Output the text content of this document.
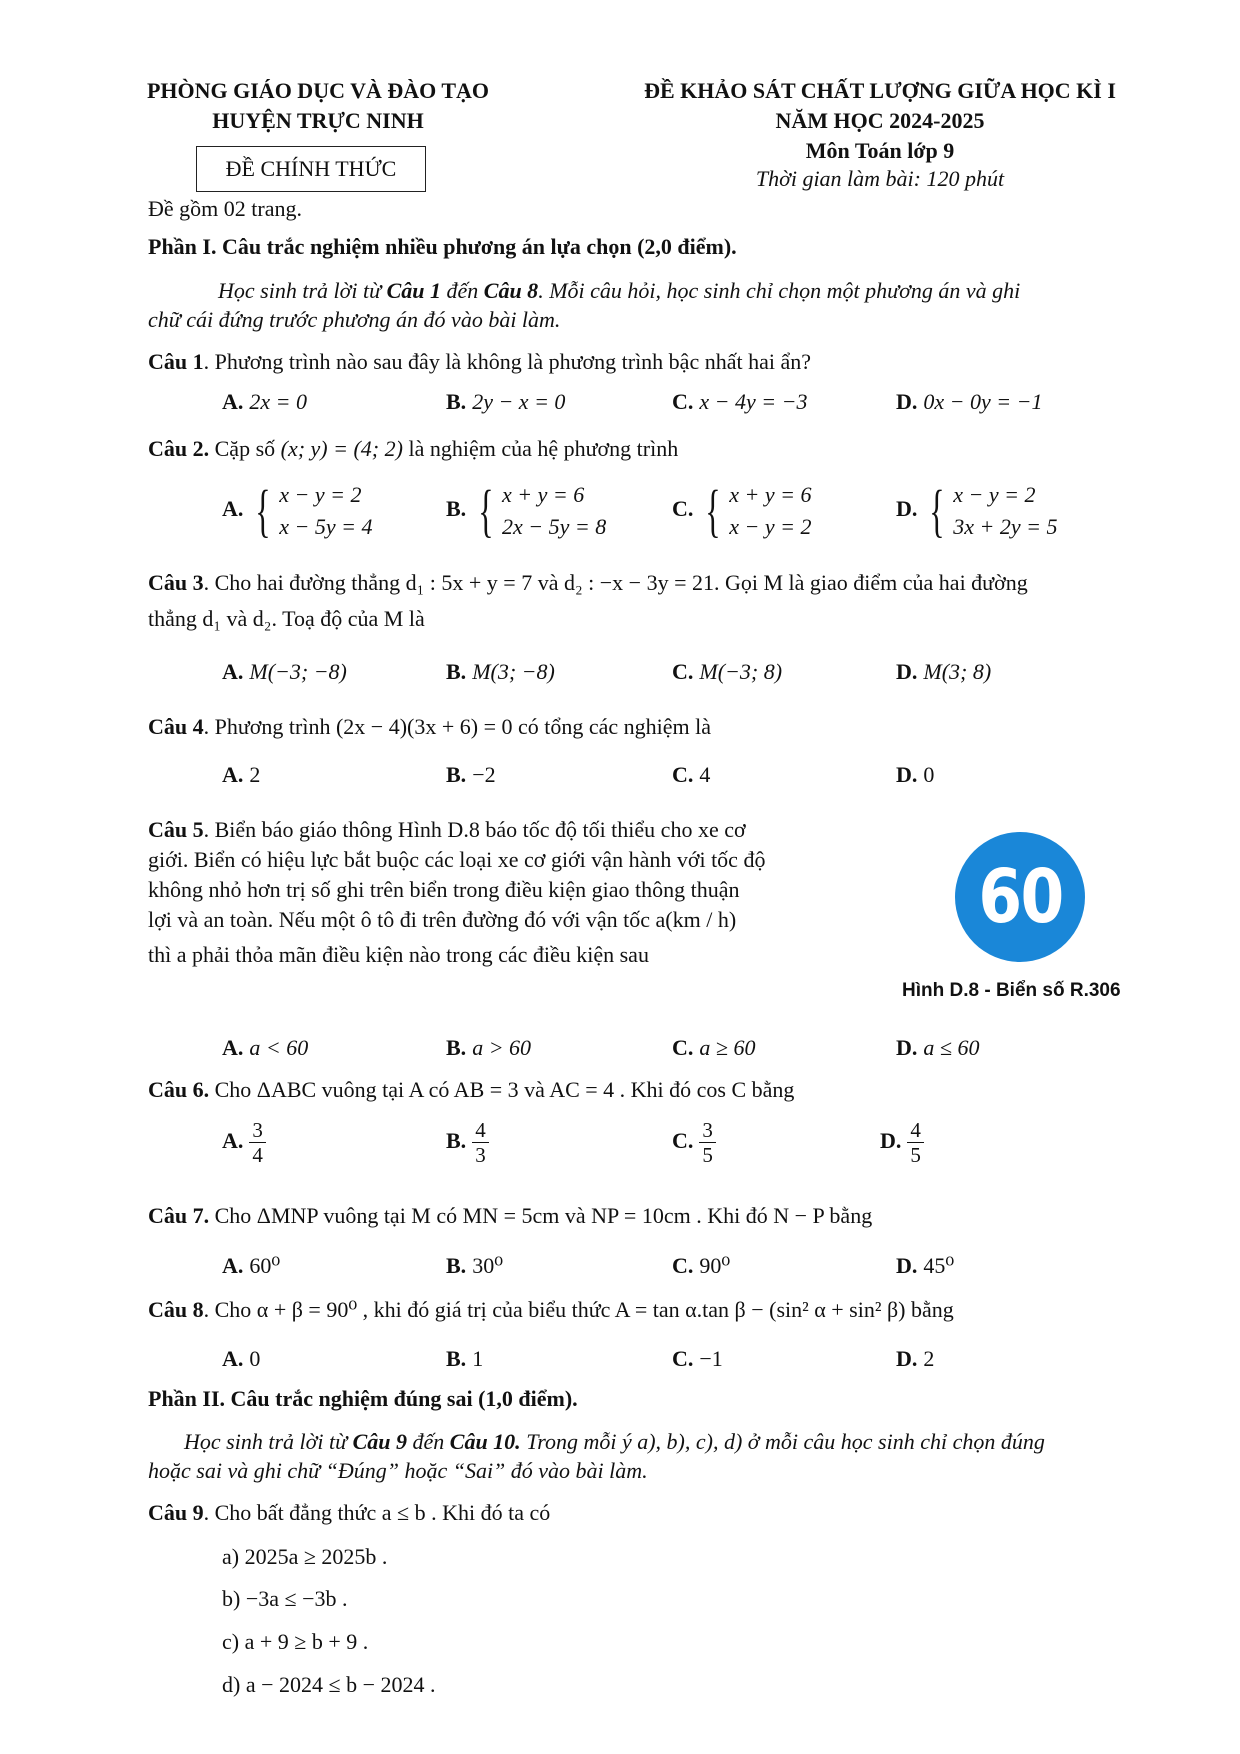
PHÒNG GIÁO DỤC VÀ ĐÀO TẠO
HUYỆN TRỰC NINH
ĐỀ CHÍNH THỨC
ĐỀ KHẢO SÁT CHẤT LƯỢNG GIỮA HỌC KÌ I
NĂM HỌC 2024-2025
Môn Toán lớp 9
Thời gian làm bài: 120 phút
Đề gồm 02 trang.
Phần I. Câu trắc nghiệm nhiều phương án lựa chọn (2,0 điểm).
Học sinh trả lời từ Câu 1 đến Câu 8. Mỗi câu hỏi, học sinh chỉ chọn một phương án và ghi
chữ cái đứng trước phương án đó vào bài làm.
Câu 1. Phương trình nào sau đây là không là phương trình bậc nhất hai ẩn?
A. 2x = 0	B. 2y − x = 0	C. x − 4y = −3	D. 0x − 0y = −1
Câu 2. Cặp số (x; y) = (4; 2) là nghiệm của hệ phương trình
A. { x − y = 2
x − 5y = 4
B. { x + y = 6
2x − 5y = 8
C. { x + y = 6
x − y = 2
D. { x − y = 2
3x + 2y = 5
Câu 3. Cho hai đường thẳng d₁ : 5x + y = 7 và d₂ : −x − 3y = 21. Gọi M là giao điểm của hai đường
thẳng d₁ và d₂. Toạ độ của M là
A. M(−3; −8)	B. M(3; −8)	C. M(−3; 8)	D. M(3; 8)
Câu 4. Phương trình (2x − 4)(3x + 6) = 0 có tổng các nghiệm là
A. 2	B. −2	C. 4	D. 0
Câu 5. Biển báo giáo thông Hình D.8 báo tốc độ tối thiểu cho xe cơ
giới. Biển có hiệu lực bắt buộc các loại xe cơ giới vận hành với tốc độ
không nhỏ hơn trị số ghi trên biển trong điều kiện giao thông thuận
lợi và an toàn. Nếu một ô tô đi trên đường đó với vận tốc a(km / h)
thì a phải thỏa mãn điều kiện nào trong các điều kiện sau
60
Hình D.8 - Biển số R.306
A. a < 60	B. a > 60	C. a ≥ 60	D. a ≤ 60
Câu 6. Cho ΔABC vuông tại A có AB = 3 và AC = 4 . Khi đó cos C bằng
A. $\frac{3}{4}$	B. $\frac{4}{3}$	C. $\frac{3}{5}$	D. $\frac{4}{5}$
Câu 7. Cho ΔMNP vuông tại M có MN = 5cm và NP = 10cm . Khi đó N − P bằng
A. 60⁰	B. 30⁰	C. 90⁰	D. 45⁰
Câu 8. Cho α + β = 90⁰ , khi đó giá trị của biểu thức A = tan α.tan β − (sin² α + sin² β) bằng
A. 0	B. 1	C. −1	D. 2
Phần II. Câu trắc nghiệm đúng sai (1,0 điểm).
Học sinh trả lời từ Câu 9 đến Câu 10. Trong mỗi ý a), b), c), d) ở mỗi câu học sinh chỉ chọn đúng
hoặc sai và ghi chữ “Đúng” hoặc “Sai” đó vào bài làm.
Câu 9. Cho bất đẳng thức a ≤ b . Khi đó ta có
a) 2025a ≥ 2025b .
b) −3a ≤ −3b .
c) a + 9 ≥ b + 9 .
d) a − 2024 ≤ b − 2024 .
